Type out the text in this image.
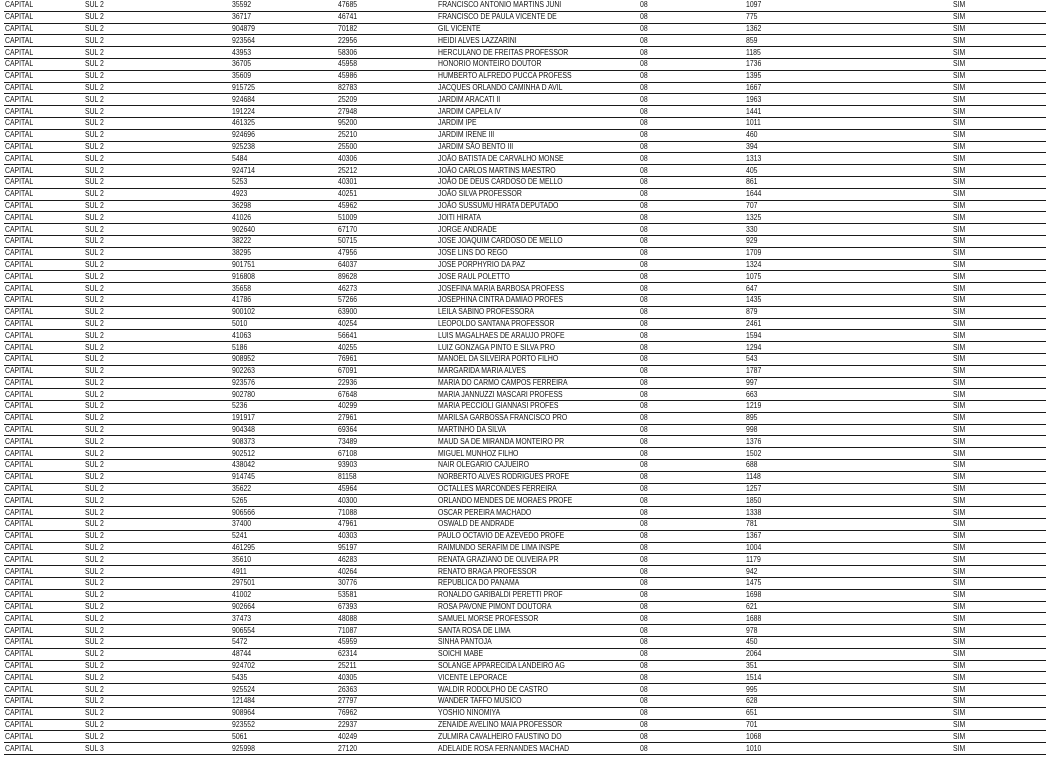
CAPITAL	SUL 2	35592	47685	FRANCISCO ANTONIO MARTINS JUNI	08	1097	SIM
CAPITAL	SUL 2	36717	46741	FRANCISCO DE PAULA VICENTE DE	08	775	SIM
CAPITAL	SUL 2	904879	70182	GIL VICENTE	08	1362	SIM
CAPITAL	SUL 2	923564	22956	HEIDI ALVES LAZZARINI	08	859	SIM
CAPITAL	SUL 2	43953	58306	HERCULANO DE FREITAS PROFESSOR	08	1185	SIM
CAPITAL	SUL 2	36705	45958	HONORIO MONTEIRO DOUTOR	08	1736	SIM
CAPITAL	SUL 2	35609	45986	HUMBERTO ALFREDO PUCCA PROFESS	08	1395	SIM
CAPITAL	SUL 2	915725	82783	JACQUES ORLANDO CAMINHA D AVIL	08	1667	SIM
CAPITAL	SUL 2	924684	25209	JARDIM ARACATI II	08	1963	SIM
CAPITAL	SUL 2	191224	27948	JARDIM CAPELA IV	08	1441	SIM
CAPITAL	SUL 2	461325	95200	JARDIM IPE	08	1011	SIM
CAPITAL	SUL 2	924696	25210	JARDIM IRENE III	08	460	SIM
CAPITAL	SUL 2	925238	25500	JARDIM SÃO BENTO III	08	394	SIM
CAPITAL	SUL 2	5484	40306	JOÃO BATISTA DE CARVALHO MONSE	08	1313	SIM
CAPITAL	SUL 2	924714	25212	JOÃO CARLOS MARTINS MAESTRO	08	405	SIM
CAPITAL	SUL 2	5253	40301	JOÃO DE DEUS CARDOSO DE MELLO	08	861	SIM
CAPITAL	SUL 2	4923	40251	JOÃO SILVA PROFESSOR	08	1644	SIM
CAPITAL	SUL 2	36298	45962	JOÃO SUSSUMU HIRATA DEPUTADO	08	707	SIM
CAPITAL	SUL 2	41026	51009	JOITI HIRATA	08	1325	SIM
CAPITAL	SUL 2	902640	67170	JORGE ANDRADE	08	330	SIM
CAPITAL	SUL 2	38222	50715	JOSE JOAQUIM CARDOSO DE MELLO	08	929	SIM
CAPITAL	SUL 2	38295	47956	JOSE LINS DO REGO	08	1709	SIM
CAPITAL	SUL 2	901751	64037	JOSE PORPHYRIO DA PAZ	08	1324	SIM
CAPITAL	SUL 2	916808	89628	JOSE RAUL POLETTO	08	1075	SIM
CAPITAL	SUL 2	35658	46273	JOSEFINA MARIA BARBOSA PROFESS	08	647	SIM
CAPITAL	SUL 2	41786	57266	JOSEPHINA CINTRA DAMIAO PROFES	08	1435	SIM
CAPITAL	SUL 2	900102	63900	LEILA SABINO PROFESSORA	08	879	SIM
CAPITAL	SUL 2	5010	40254	LEOPOLDO SANTANA PROFESSOR	08	2461	SIM
CAPITAL	SUL 2	41063	56641	LUIS MAGALHAES DE ARAUJO PROFE	08	1594	SIM
CAPITAL	SUL 2	5186	40255	LUIZ GONZAGA PINTO E SILVA PRO	08	1294	SIM
CAPITAL	SUL 2	908952	76961	MANOEL DA SILVEIRA PORTO FILHO	08	543	SIM
CAPITAL	SUL 2	902263	67091	MARGARIDA MARIA ALVES	08	1787	SIM
CAPITAL	SUL 2	923576	22936	MARIA DO CARMO CAMPOS FERREIRA	08	997	SIM
CAPITAL	SUL 2	902780	67648	MARIA JANNUZZI MASCARI PROFESS	08	663	SIM
CAPITAL	SUL 2	5236	40299	MARIA PECCIOLI GIANNASI PROFES	08	1219	SIM
CAPITAL	SUL 2	191917	27961	MARILSA GARBOSSA FRANCISCO PRO	08	895	SIM
CAPITAL	SUL 2	904348	69364	MARTINHO DA SILVA	08	998	SIM
CAPITAL	SUL 2	908373	73489	MAUD SA DE MIRANDA MONTEIRO PR	08	1376	SIM
CAPITAL	SUL 2	902512	67108	MIGUEL MUNHOZ FILHO	08	1502	SIM
CAPITAL	SUL 2	438042	93903	NAIR OLEGARIO CAJUEIRO	08	688	SIM
CAPITAL	SUL 2	914745	81158	NORBERTO ALVES RODRIGUES PROFE	08	1148	SIM
CAPITAL	SUL 2	35622	45964	OCTALLES MARCONDES FERREIRA	08	1257	SIM
CAPITAL	SUL 2	5265	40300	ORLANDO MENDES DE MORAES PROFE	08	1850	SIM
CAPITAL	SUL 2	906566	71088	OSCAR PEREIRA MACHADO	08	1338	SIM
CAPITAL	SUL 2	37400	47961	OSWALD DE ANDRADE	08	781	SIM
CAPITAL	SUL 2	5241	40303	PAULO OCTAVIO DE AZEVEDO PROFE	08	1367	SIM
CAPITAL	SUL 2	461295	95197	RAIMUNDO SERAFIM DE LIMA INSPE	08	1004	SIM
CAPITAL	SUL 2	35610	46283	RENATA GRAZIANO DE OLIVEIRA PR	08	1179	SIM
CAPITAL	SUL 2	4911	40264	RENATO BRAGA PROFESSOR	08	942	SIM
CAPITAL	SUL 2	297501	30776	REPUBLICA DO PANAMA	08	1475	SIM
CAPITAL	SUL 2	41002	53581	RONALDO GARIBALDI PERETTI PROF	08	1698	SIM
CAPITAL	SUL 2	902664	67393	ROSA PAVONE PIMONT DOUTORA	08	621	SIM
CAPITAL	SUL 2	37473	48088	SAMUEL MORSE PROFESSOR	08	1688	SIM
CAPITAL	SUL 2	906554	71087	SANTA ROSA DE LIMA	08	978	SIM
CAPITAL	SUL 2	5472	45959	SINHA PANTOJA	08	450	SIM
CAPITAL	SUL 2	48744	62314	SOICHI MABE	08	2064	SIM
CAPITAL	SUL 2	924702	25211	SOLANGE APPARECIDA LANDEIRO AG	08	351	SIM
CAPITAL	SUL 2	5435	40305	VICENTE LEPORACE	08	1514	SIM
CAPITAL	SUL 2	925524	26363	WALDIR RODOLPHO DE CASTRO	08	995	SIM
CAPITAL	SUL 2	121484	27797	WANDER TAFFO MUSICO	08	628	SIM
CAPITAL	SUL 2	908964	76962	YOSHIO NINOMIYA	08	651	SIM
CAPITAL	SUL 2	923552	22937	ZENAIDE AVELINO MAIA PROFESSOR	08	701	SIM
CAPITAL	SUL 2	5061	40249	ZULMIRA CAVALHEIRO FAUSTINO DO	08	1068	SIM
CAPITAL	SUL 3	925998	27120	ADELAIDE ROSA FERNANDES MACHAD	08	1010	SIM
